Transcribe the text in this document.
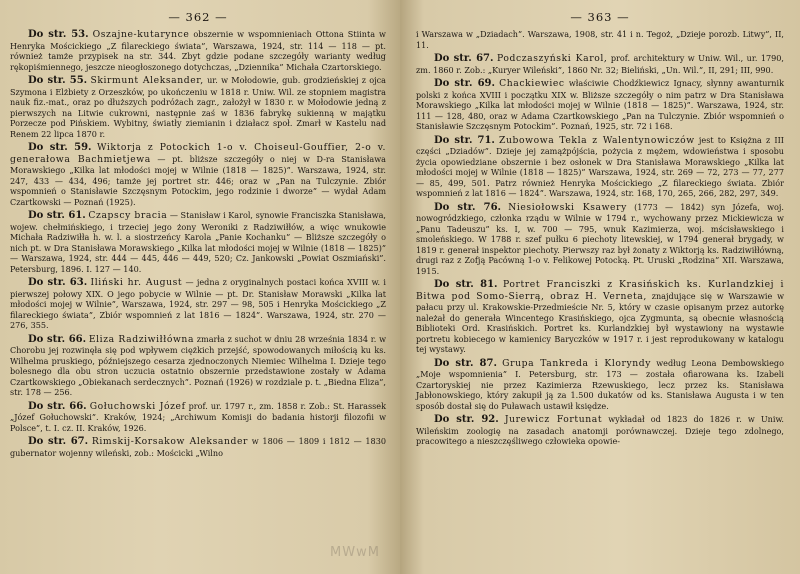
— 362 —

Do str. 53. Oszajne-kutarynce obszernie w wspomnieniach Ottona Stiinta w Henryka Mościckiego „Z filareckiego świata”, Warszawa, 1924, str. 114 — 118 — pt. również tamże przypisek na str. 344. Zbyt gdzie podane szczegóły warianty według rękopiśmiennego, jeszcze nieogłoszonego dotychczas, „Dziennika” Michała Czartorskiego.

Do str. 55. Skirmunt Aleksander, ur. w Mołodowie, gub. grodzieńskiej z ojca Szymona i Elżbiety z Orzeszków, po ukończeniu w 1818 r. Uniw. Wil. ze stopniem magistra nauk fiz.-mat., oraz po dłuższych podróżach zagr., założył w 1830 r. w Mołodowie jedną z pierwszych na Litwie cukrowni, następnie zaś w 1836 fabrykę sukienną w majątku Porzecze pod Pińskiem. Wybitny, światły ziemianin i działacz społ. Zmarł w Kastelu nad Renem 22 lipca 1870 r.

Do str. 59. Wiktorja z Potockich 1-o v. Choiseul-Gouffier, 2-o v. generałowa Bachmietjewa — pt. bliższe szczegóły o niej w D-ra Stanisława Morawskiego „Kilka lat młodości mojej w Wilnie (1818 — 1825)”. Warszawa, 1924, str. 247, 433 — 434, 496; tamże jej portret str. 446; oraz w „Pan na Tulczynie. Zbiór wspomnień o Stanisławie Szczęsnym Potockim, jego rodzinie i dworze” — wydał Adam Czartkowski — Poznań (1925).

Do str. 61. Czapscy bracia — Stanisław i Karol, synowie Franciszka Stanisława, wojew. chełmińskiego, i trzeciej jego żony Weroniki z Radziwiłłów, a więc wnukowie Michała Radziwiłła h. w. l. a siostrzeńcy Karola „Panie Kochanku” — Bliższe szczegóły o nich pt. w Dra Stanisława Morawskiego „Kilka lat młodości mojej w Wilnie (1818 — 1825)” — Warszawa, 1924, str. 444 — 445, 446 — 449, 520; Cz. Jankowski „Powiat Oszmiański”. Petersburg, 1896. I. 127 — 140.

Do str. 63. Iliński hr. August — jedna z oryginalnych postaci końca XVIII w. i pierwszej połowy XIX. O jego pobycie w Wilnie — pt. Dr. Stanisław Morawski „Kilka lat młodości mojej w Wilnie”, Warszawa, 1924, str. 297 — 98, 505 i Henryka Mościckiego „Z filareckiego świata”, Zbiór wspomnień z lat 1816 — 1824”. Warszawa, 1924, str. 270 — 276, 355.

Do str. 66. Eliza Radziwiłłówna zmarła z suchot w dniu 28 września 1834 r. w Chorobu jej rozwinęła się pod wpływem ciężkich przejść, spowodowanych miłością ku ks. Wilhelma pruskiego, późniejszego cesarza zjednoczonych Niemiec Wilhelma I. Dzieje tego bolesnego dla obu stron uczucia ostatnio obszernie przedstawione zostały w Adama Czartkowskiego „Obiekanach serdecznych”. Poznań (1926) w rozdziale p. t. „Biedna Eliza”, str. 178 — 256.

Do str. 66. Gołuchowski Józef prof. ur. 1797 r., zm. 1858 r. Zob.: St. Harassek „Józef Gołuchowski”. Kraków, 1924; „Archiwum Komisji do badania historji filozofii w Polsce”, t. I. cz. II. Kraków, 1926.

Do str. 67. Rimskij-Korsakow Aleksander w 1806 — 1809 i 1812 — 1830 gubernator wojenny wileński, zob.: Mościcki „Wilno

— 363 —

i Warszawa w „Dziadach”. Warszawa, 1908, str. 41 i n. Tegoż, „Dzieje porozb. Litwy”, II, 11.

Do str. 67. Podczaszyński Karol, prof. architektury w Uniw. Wil., ur. 1790, zm. 1860 r. Zob.: „Kuryer Wileński”, 1860 Nr. 32; Bieliński, „Un. Wil.”, II, 291; III, 990.

Do str. 69. Chackiewiec właściwie Chodźkiewicz Ignacy, słynny awanturnik polski z końca XVIII i początku XIX w. Bliższe szczegóły o nim patrz w Dra Stanisława Morawskiego „Kilka lat młodości mojej w Wilnie (1818 — 1825)”. Warszawa, 1924, str. 111 — 128, 480, oraz w Adama Czartkowskiego „Pan na Tulczynie. Zbiór wspomnień o Stanisławie Szczęsnym Potockim”. Poznań, 1925, str. 72 i 168.

Do str. 71. Zubowowa Tekla z Walentynowiczów jest to Księżna z III części „Dziadów”. Dzieje jej zamążpójścia, pożycia z mężem, wdowieństwa i sposobu życia opowiedziane obszernie i bez osłonek w Dra Stanisława Morawskiego „Kilka lat młodości mojej w Wilnie (1818 — 1825)” Warszawa, 1924, str. 269 — 72, 273 — 77, 277 — 85, 499, 501. Patrz również Henryka Mościckiego „Z filareckiego świata. Zbiór wspomnień z lat 1816 — 1824”. Warszawa, 1924, str. 168, 170, 265, 266, 282, 297, 349.

Do str. 76. Niesiołowski Ksawery (1773 — 1842) syn Józefa, woj. nowogródzkiego, członka rządu w Wilnie w 1794 r., wychowany przez Mickiewicza w „Panu Tadeuszu” ks. I, w. 700 — 795, wnuk Kazimierza, woj. mścisławskiego i smoleńskiego. W 1788 r. szef pułku 6 piechoty litewskiej, w 1794 generał brygady, w 1819 r. generał inspektor piechoty. Pierwszy raz był żonaty z Wiktorją ks. Radziwiłłówną, drugi raz z Zofją Pacówną 1-o v. Felikowej Potocką. Pt. Uruski „Rodzina” XII. Warszawa, 1915.

Do str. 81. Portret Franciszki z Krasińskich ks. Kurlandzkiej i Bitwa pod Somo-Sierrą, obraz H. Verneta, znajdujące się w Warszawie w pałacu przy ul. Krakowskie-Przedmieście Nr. 5, który w czasie opisanym przez autorkę należał do generała Wincentego Krasińskiego, ojca Zygmunta, są obecnie własnością Biblioteki Ord. Krasińskich. Portret ks. Kurlandzkiej był wystawiony na wystawie portretu kobiecego w kamienicy Baryczków w 1917 r. i jest reprodukowany w katalogu tej wystawy.

Do str. 87. Grupa Tankreda i Kloryndy według Leona Dembowskiego „Moje wspomnienia” I. Petersburg, str. 173 — została ofiarowana ks. Izabeli Czartoryskiej nie przez Kazimierza Rzewuskiego, lecz przez ks. Stanisława Jabłonowskiego, który zakupił ją za 1.500 dukatów od ks. Stanisława Augusta i w ten sposób dostał się do Puławach ustawił księdze.

Do str. 92. Jurewicz Fortunat wykładał od 1823 do 1826 r. w Uniw. Wileńskim zoologię na zasadach anatomji porównawczej. Dzieje tego zdolnego, pracowitego a nieszczęśliwego człowieka opowie-

MWwM
